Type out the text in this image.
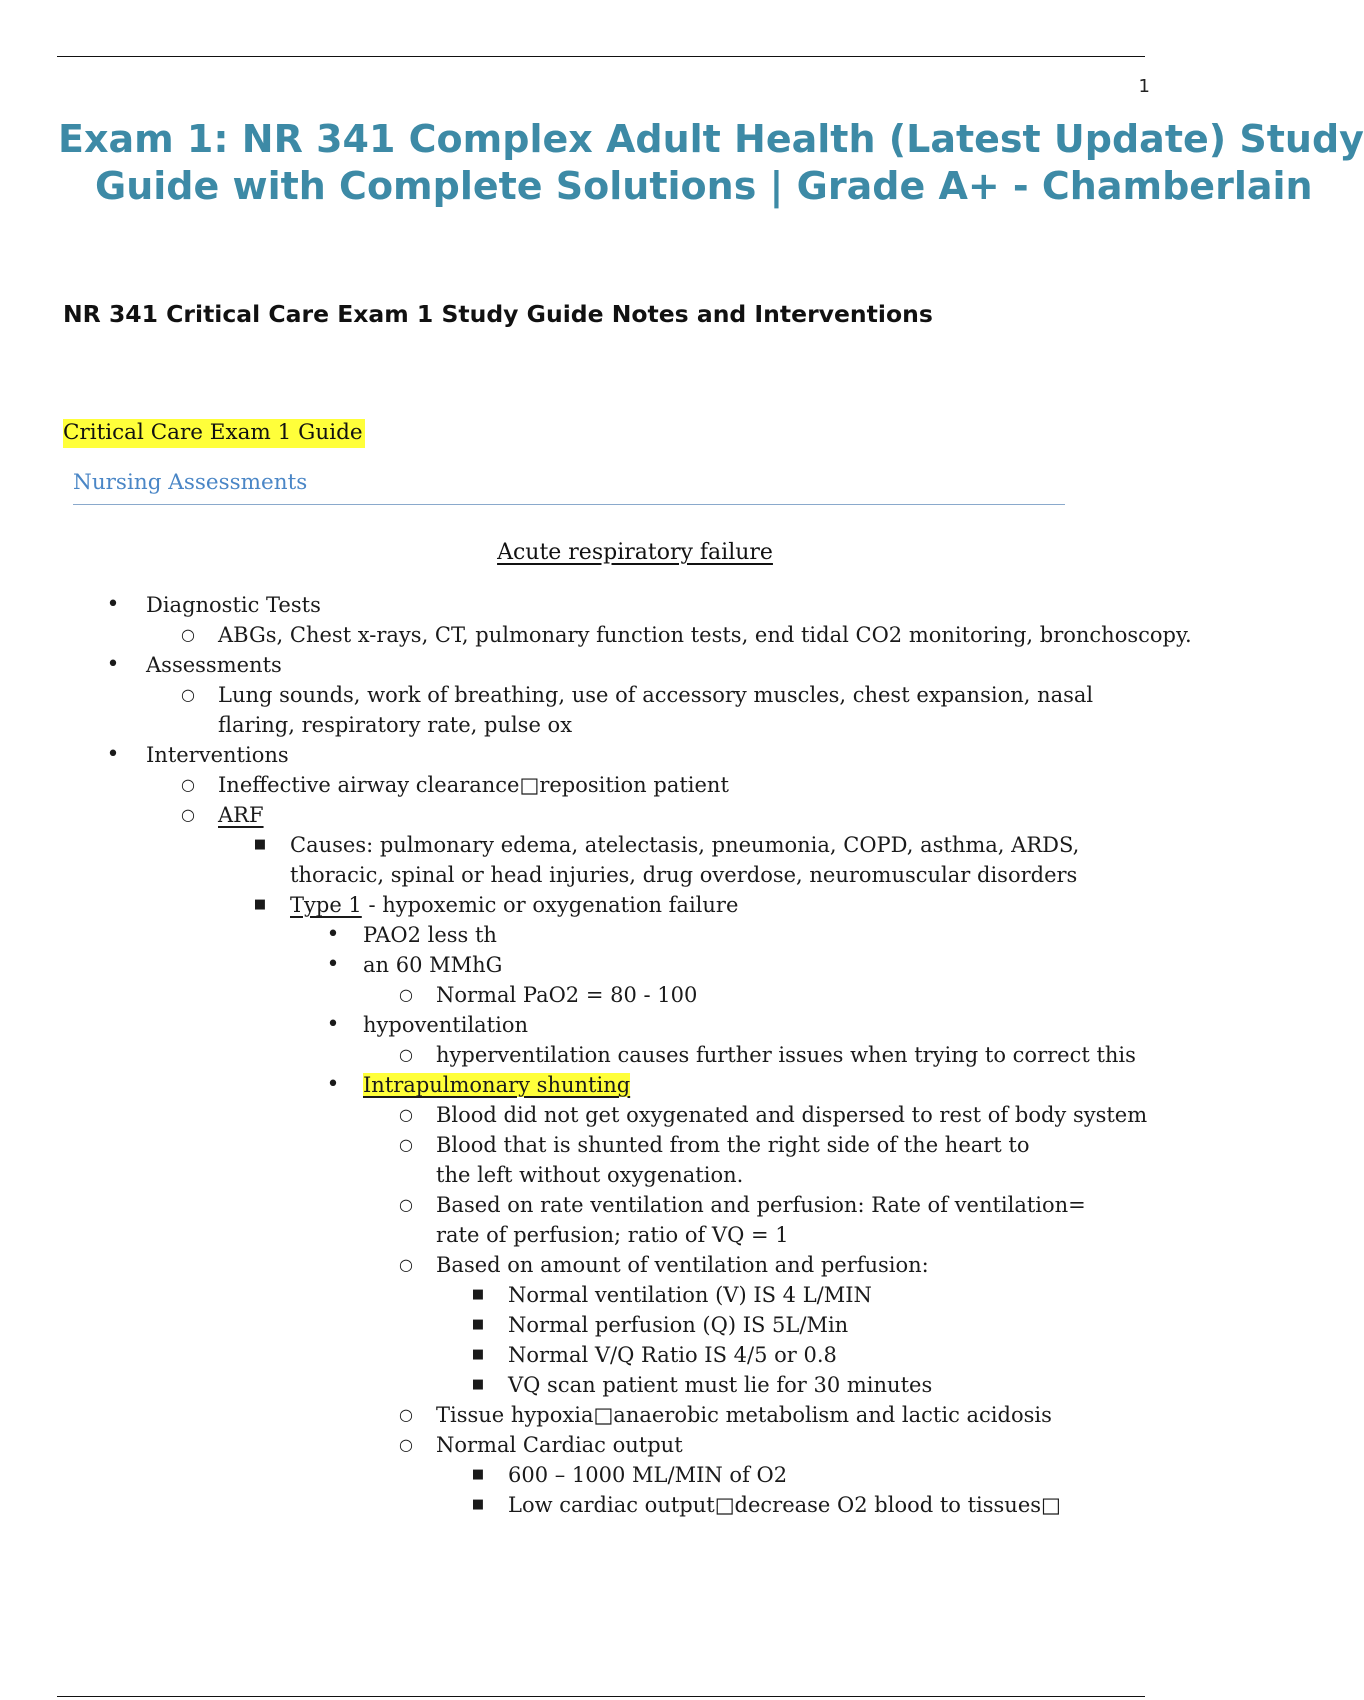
1
Exam 1: NR 341 Complex Adult Health (Latest Update) Study
Guide with Complete Solutions | Grade A+ - Chamberlain
NR 341 Critical Care Exam 1 Study Guide Notes and Interventions
Critical Care Exam 1 Guide
Nursing Assessments
Acute respiratory failure
• Diagnostic Tests
○ ABGs, Chest x-rays, CT, pulmonary function tests, end tidal CO2 monitoring, bronchoscopy.
• Assessments
○ Lung sounds, work of breathing, use of accessory muscles, chest expansion, nasal
flaring, respiratory rate, pulse ox
• Interventions
○ Ineffective airway clearance□reposition patient
○ ARF
■ Causes: pulmonary edema, atelectasis, pneumonia, COPD, asthma, ARDS,
thoracic, spinal or head injuries, drug overdose, neuromuscular disorders
■ Type 1 - hypoxemic or oxygenation failure
• PAO2 less th
• an 60 MMhG
○ Normal PaO2 = 80 - 100
• hypoventilation
○ hyperventilation causes further issues when trying to correct this
• Intrapulmonary shunting
○ Blood did not get oxygenated and dispersed to rest of body system
○ Blood that is shunted from the right side of the heart to
the left without oxygenation.
○ Based on rate ventilation and perfusion: Rate of ventilation=
rate of perfusion; ratio of VQ = 1
○ Based on amount of ventilation and perfusion:
■ Normal ventilation (V) IS 4 L/MIN
■ Normal perfusion (Q) IS 5L/Min
■ Normal V/Q Ratio IS 4/5 or 0.8
■ VQ scan patient must lie for 30 minutes
○ Tissue hypoxia□anaerobic metabolism and lactic acidosis
○ Normal Cardiac output
■ 600 – 1000 ML/MIN of O2
■ Low cardiac output□decrease O2 blood to tissues□
